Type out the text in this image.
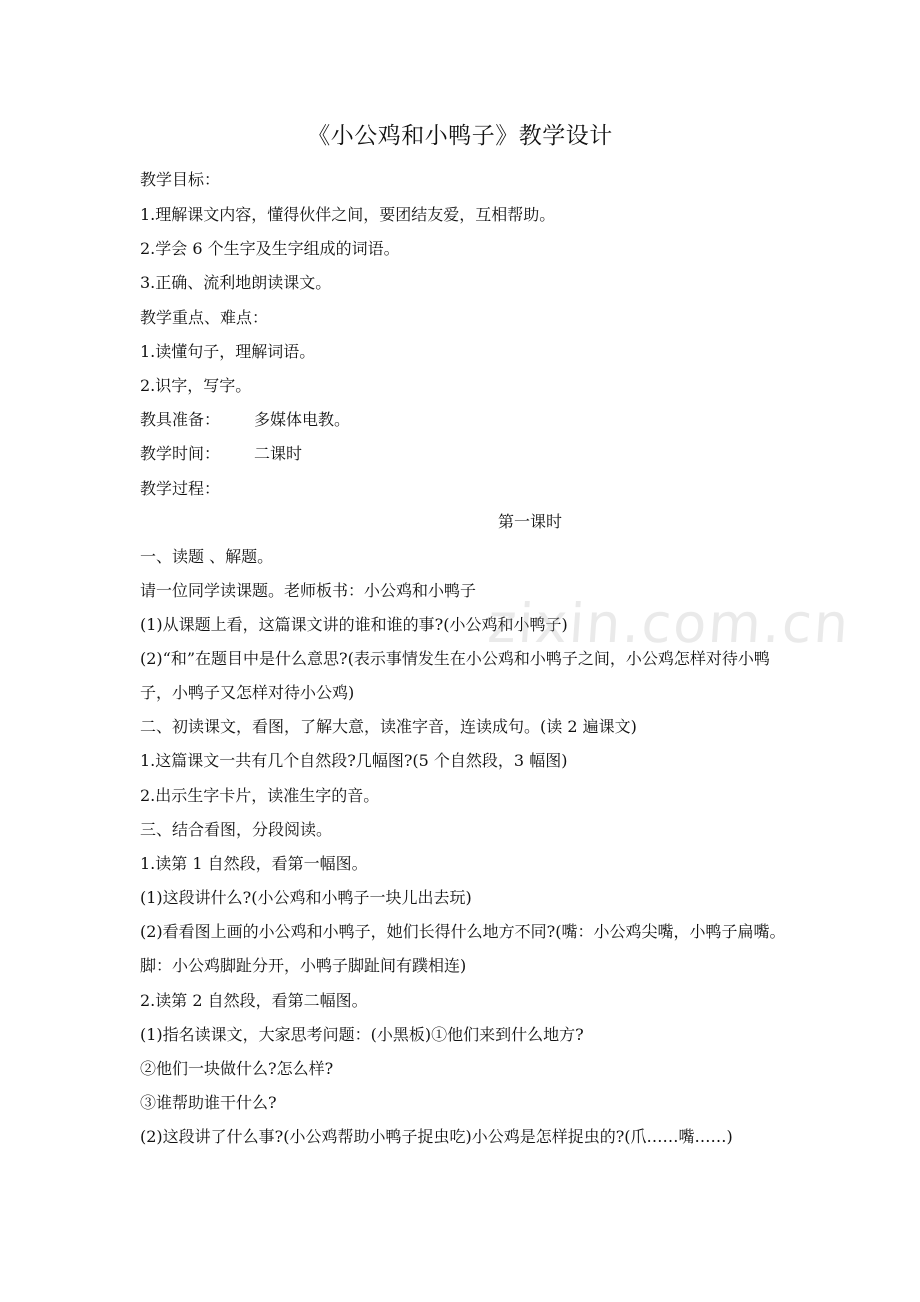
《小公鸡和小鸭子》教学设计
教学目标：
1.理解课文内容，懂得伙伴之间，要团结友爱，互相帮助。
2.学会 6 个生字及生字组成的词语。
3.正确、流利地朗读课文。
教学重点、难点：
1.读懂句子，理解词语。
2.识字，写字。
教具准备： 多媒体电教。
教学时间： 二课时
教学过程：
第一课时
一、读题 、解题。
请一位同学读课题。老师板书：小公鸡和小鸭子
(1)从课题上看，这篇课文讲的谁和谁的事?(小公鸡和小鸭子)
(2)“和”在题目中是什么意思?(表示事情发生在小公鸡和小鸭子之间，小公鸡怎样对待小鸭子，小鸭子又怎样对待小公鸡)
二、初读课文，看图，了解大意，读准字音，连读成句。(读 2 遍课文)
1.这篇课文一共有几个自然段?几幅图?(5 个自然段，3 幅图)
2.出示生字卡片，读准生字的音。
三、结合看图，分段阅读。
1.读第 1 自然段，看第一幅图。
(1)这段讲什么?(小公鸡和小鸭子一块儿出去玩)
(2)看看图上画的小公鸡和小鸭子，她们长得什么地方不同?(嘴：小公鸡尖嘴，小鸭子扁嘴。脚：小公鸡脚趾分开，小鸭子脚趾间有蹼相连)
2.读第 2 自然段，看第二幅图。
(1)指名读课文，大家思考问题：(小黑板)①他们来到什么地方?
②他们一块做什么?怎么样?
③谁帮助谁干什么?
(2)这段讲了什么事?(小公鸡帮助小鸭子捉虫吃)小公鸡是怎样捉虫的?(爪……嘴……)
zixin.com.cn
